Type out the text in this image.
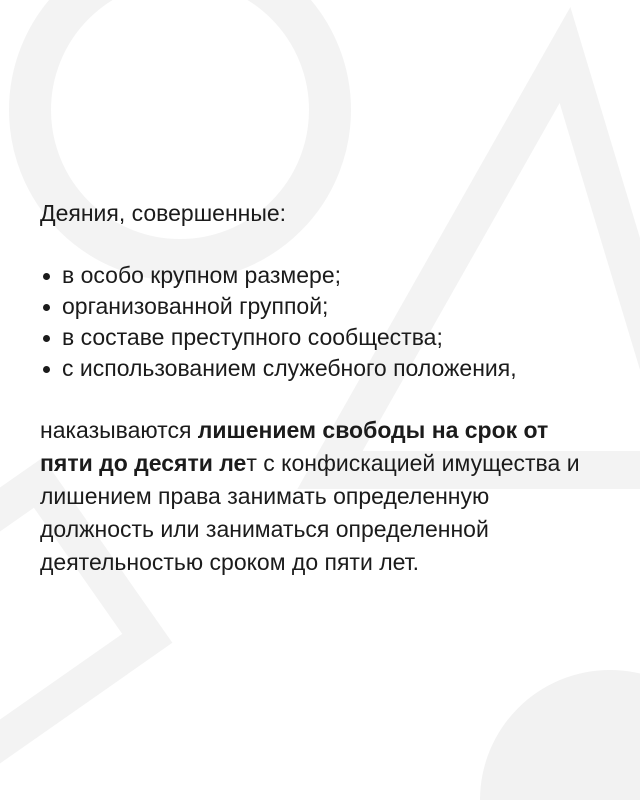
Деяния, совершенные:

в особо крупном размере;
организованной группой;
в составе преступного сообщества;
с использованием служебного положения,

наказываются лишением свободы на срок от пяти до десяти лет с конфискацией имущества и лишением права занимать определенную должность или заниматься определенной деятельностью сроком до пяти лет.
